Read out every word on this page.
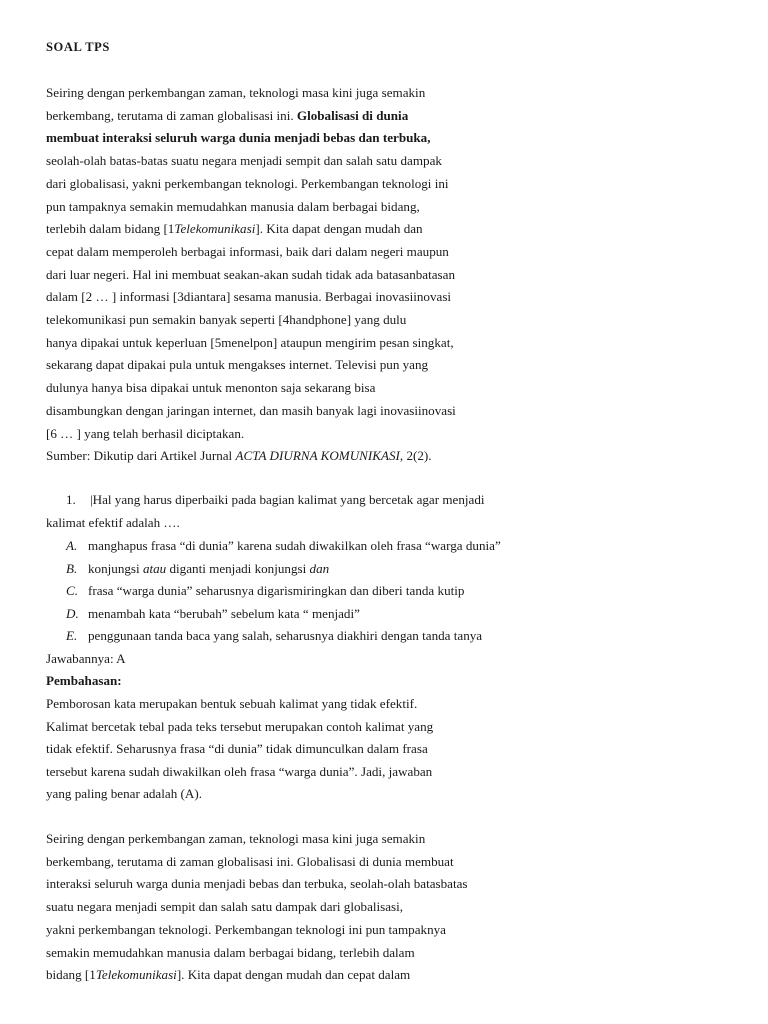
SOAL TPS
Seiring dengan perkembangan zaman, teknologi masa kini juga semakin
berkembang, terutama di zaman globalisasi ini. Globalisasi di dunia
membuat interaksi seluruh warga dunia menjadi bebas dan terbuka,
seolah-olah batas-batas suatu negara menjadi sempit dan salah satu dampak
dari globalisasi, yakni perkembangan teknologi. Perkembangan teknologi ini
pun tampaknya semakin memudahkan manusia dalam berbagai bidang,
terlebih dalam bidang [1Telekomunikasi]. Kita dapat dengan mudah dan
cepat dalam memperoleh berbagai informasi, baik dari dalam negeri maupun
dari luar negeri. Hal ini membuat seakan-akan sudah tidak ada batasanbatasan
dalam [2 … ] informasi [3diantara] sesama manusia. Berbagai inovasiinovasi
telekomunikasi pun semakin banyak seperti [4handphone] yang dulu
hanya dipakai untuk keperluan [5menelpon] ataupun mengirim pesan singkat,
sekarang dapat dipakai pula untuk mengakses internet. Televisi pun yang
dulunya hanya bisa dipakai untuk menonton saja sekarang bisa
disambungkan dengan jaringan internet, dan masih banyak lagi inovasiinovasi
[6 … ] yang telah berhasil diciptakan.
Sumber: Dikutip dari Artikel Jurnal ACTA DIURNA KOMUNIKASI, 2(2).
1. |Hal yang harus diperbaiki pada bagian kalimat yang bercetak agar menjadi
kalimat efektif adalah ….
A. manghapus frasa “di dunia” karena sudah diwakilkan oleh frasa “warga dunia”
B. konjungsi atau diganti menjadi konjungsi dan
C. frasa “warga dunia” seharusnya digarismiringkan dan diberi tanda kutip
D. menambah kata “berubah” sebelum kata “ menjadi”
E. penggunaan tanda baca yang salah, seharusnya diakhiri dengan tanda tanya
Jawabannya: A
Pembahasan:
Pemborosan kata merupakan bentuk sebuah kalimat yang tidak efektif.
Kalimat bercetak tebal pada teks tersebut merupakan contoh kalimat yang
tidak efektif. Seharusnya frasa “di dunia” tidak dimunculkan dalam frasa
tersebut karena sudah diwakilkan oleh frasa “warga dunia”. Jadi, jawaban
yang paling benar adalah (A).
Seiring dengan perkembangan zaman, teknologi masa kini juga semakin
berkembang, terutama di zaman globalisasi ini. Globalisasi di dunia membuat
interaksi seluruh warga dunia menjadi bebas dan terbuka, seolah-olah batasbatas
suatu negara menjadi sempit dan salah satu dampak dari globalisasi,
yakni perkembangan teknologi. Perkembangan teknologi ini pun tampaknya
semakin memudahkan manusia dalam berbagai bidang, terlebih dalam
bidang [1Telekomunikasi]. Kita dapat dengan mudah dan cepat dalam
